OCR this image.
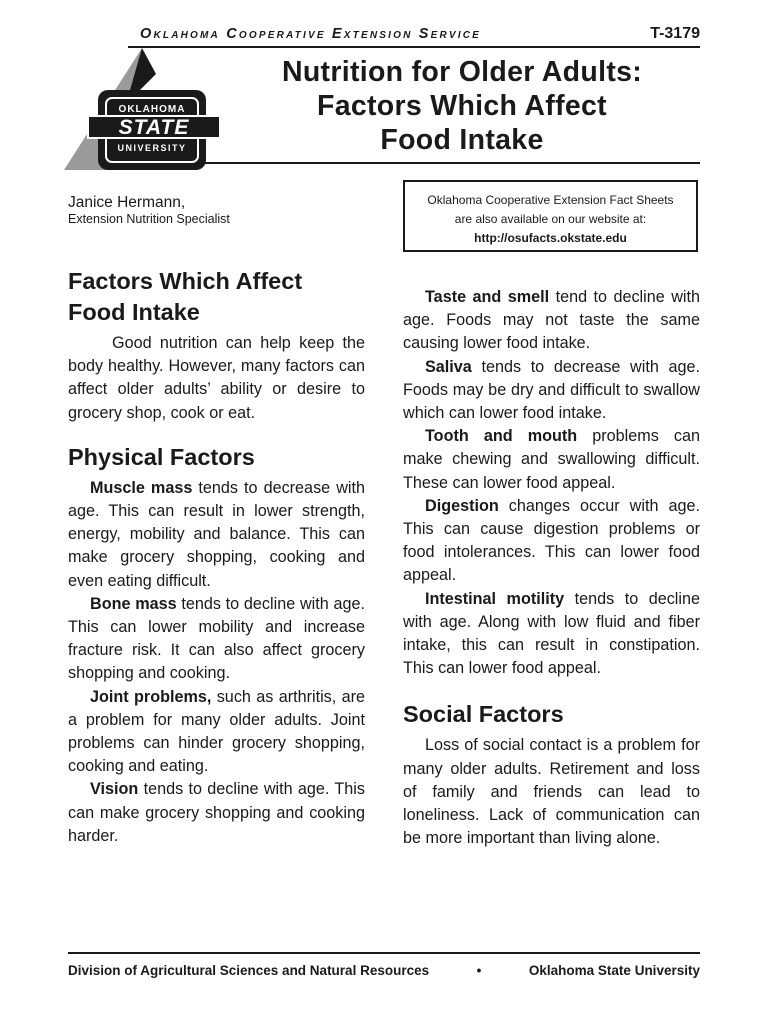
Oklahoma Cooperative Extension Service	T-3179
OKLAHOMA
STATE
UNIVERSITY
Nutrition for Older Adults:
Factors Which Affect
Food Intake
Janice Hermann,
Extension Nutrition Specialist
Oklahoma Cooperative Extension Fact Sheets
are also available on our website at:
http://osufacts.okstate.edu
Factors Which Affect
Food Intake

Good nutrition can help keep the body healthy. However, many factors can affect older adults’ ability or desire to grocery shop, cook or eat.

Physical Factors

Muscle mass tends to decrease with age. This can result in lower strength, energy, mobility and balance. This can make grocery shopping, cooking and even eating difficult.

Bone mass tends to decline with age. This can lower mobility and increase fracture risk. It can also affect grocery shopping and cooking.

Joint problems, such as arthritis, are a problem for many older adults. Joint problems can hinder grocery shopping, cooking and eating.

Vision tends to decline with age. This can make grocery shopping and cooking harder.

Taste and smell tend to decline with age. Foods may not taste the same causing lower food intake.

Saliva tends to decrease with age. Foods may be dry and difficult to swallow which can lower food intake.

Tooth and mouth problems can make chewing and swallowing difficult. These can lower food appeal.

Digestion changes occur with age. This can cause digestion problems or food intolerances. This can lower food appeal.

Intestinal motility tends to decline with age. Along with low fluid and fiber intake, this can result in constipation. This can lower food appeal.

Social Factors

Loss of social contact is a problem for many older adults. Retirement and loss of family and friends can lead to loneliness. Lack of communication can be more important than living alone.

Division of Agricultural Sciences and Natural Resources	•	Oklahoma State University
